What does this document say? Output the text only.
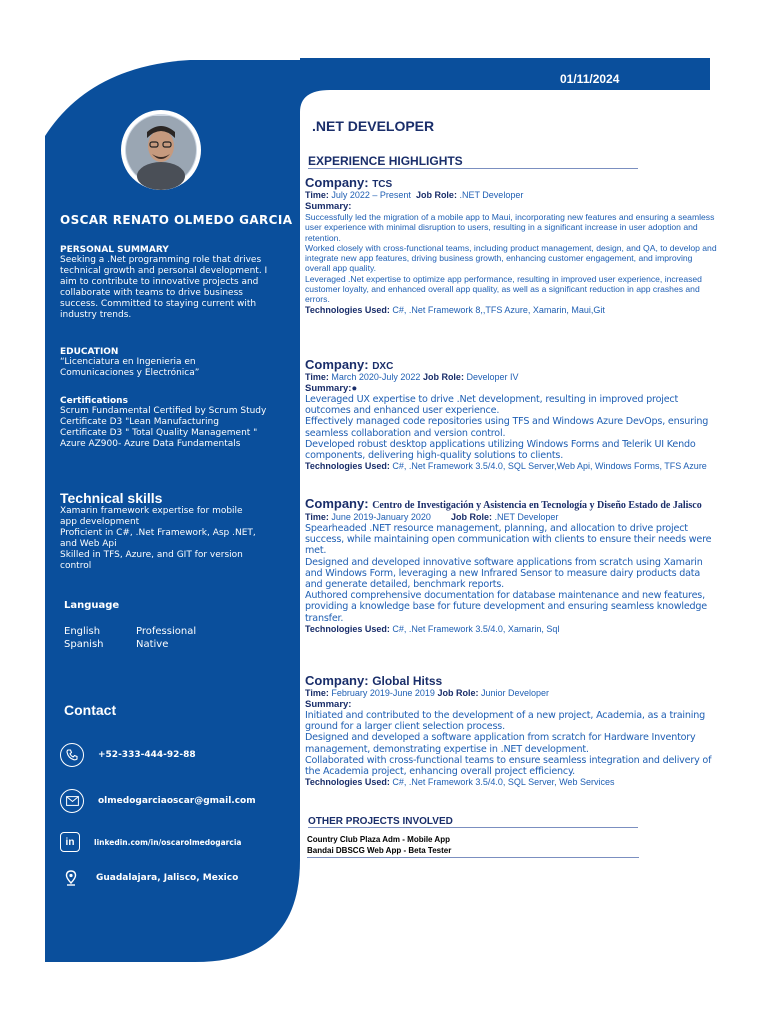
01/11/2024
OSCAR RENATO OLMEDO GARCIA
PERSONAL SUMMARY
Seeking a .Net programming role that drives technical growth and personal development. I aim to contribute to innovative projects and collaborate with teams to drive business success. Committed to staying current with industry trends.
EDUCATION
“Licenciatura en Ingenieria en
Comunicaciones y Electrónica”
Certifications
Scrum Fundamental Certified by Scrum Study
Certificate D3 "Lean Manufacturing
Certificate D3 " Total Quality Management "
Azure AZ900- Azure Data Fundamentals
Technical skills
Xamarin framework expertise for mobile app development
Proficient in C#, .Net Framework, Asp .NET, and Web Api
Skilled in TFS, Azure, and GIT for version control
Language
English	Professional
Spanish	Native
Contact
+52-333-444-92-88
olmedogarciaoscar@gmail.com
in	linkedin.com/in/oscarolmedogarcia
Guadalajara, Jalisco, Mexico
.NET DEVELOPER
EXPERIENCE HIGHLIGHTS
Company: TCS
Time: July 2022 – Present Job Role: .NET Developer
Summary:
Successfully led the migration of a mobile app to Maui, incorporating new features and ensuring a seamless user experience with minimal disruption to users, resulting in a significant increase in user adoption and retention.
Worked closely with cross-functional teams, including product management, design, and QA, to develop and integrate new app features, driving business growth, enhancing customer engagement, and improving overall app quality.
Leveraged .Net expertise to optimize app performance, resulting in improved user experience, increased customer loyalty, and enhanced overall app quality, as well as a significant reduction in app crashes and errors.
Technologies Used: C#, .Net Framework 8,,TFS Azure, Xamarin, Maui,Git
Company: DXC
Time: March 2020-July 2022 Job Role: Developer IV
Summary:●
Leveraged UX expertise to drive .Net development, resulting in improved project outcomes and enhanced user experience.
Effectively managed code repositories using TFS and Windows Azure DevOps, ensuring seamless collaboration and version control.
Developed robust desktop applications utilizing Windows Forms and Telerik UI Kendo components, delivering high-quality solutions to clients.
Technologies Used: C#, .Net Framework 3.5/4.0, SQL Server,Web Api, Windows Forms, TFS Azure
Company: Centro de Investigación y Asistencia en Tecnología y Diseño Estado de Jalisco
Time: June 2019-January 2020 Job Role: .NET Developer
Spearheaded .NET resource management, planning, and allocation to drive project success, while maintaining open communication with clients to ensure their needs were met.
Designed and developed innovative software applications from scratch using Xamarin and Windows Form, leveraging a new Infrared Sensor to measure dairy products data and generate detailed, benchmark reports.
Authored comprehensive documentation for database maintenance and new features, providing a knowledge base for future development and ensuring seamless knowledge transfer.
Technologies Used: C#, .Net Framework 3.5/4.0, Xamarin, Sql
Company: Global Hitss
Time: February 2019-June 2019 Job Role: Junior Developer
Summary:
Initiated and contributed to the development of a new project, Academia, as a training ground for a larger client selection process.
Designed and developed a software application from scratch for Hardware Inventory management, demonstrating expertise in .NET development.
Collaborated with cross-functional teams to ensure seamless integration and delivery of the Academia project, enhancing overall project efficiency.
Technologies Used: C#, .Net Framework 3.5/4.0, SQL Server, Web Services
OTHER PROJECTS INVOLVED
Country Club Plaza Adm - Mobile App
Bandai DBSCG Web App - Beta Tester
